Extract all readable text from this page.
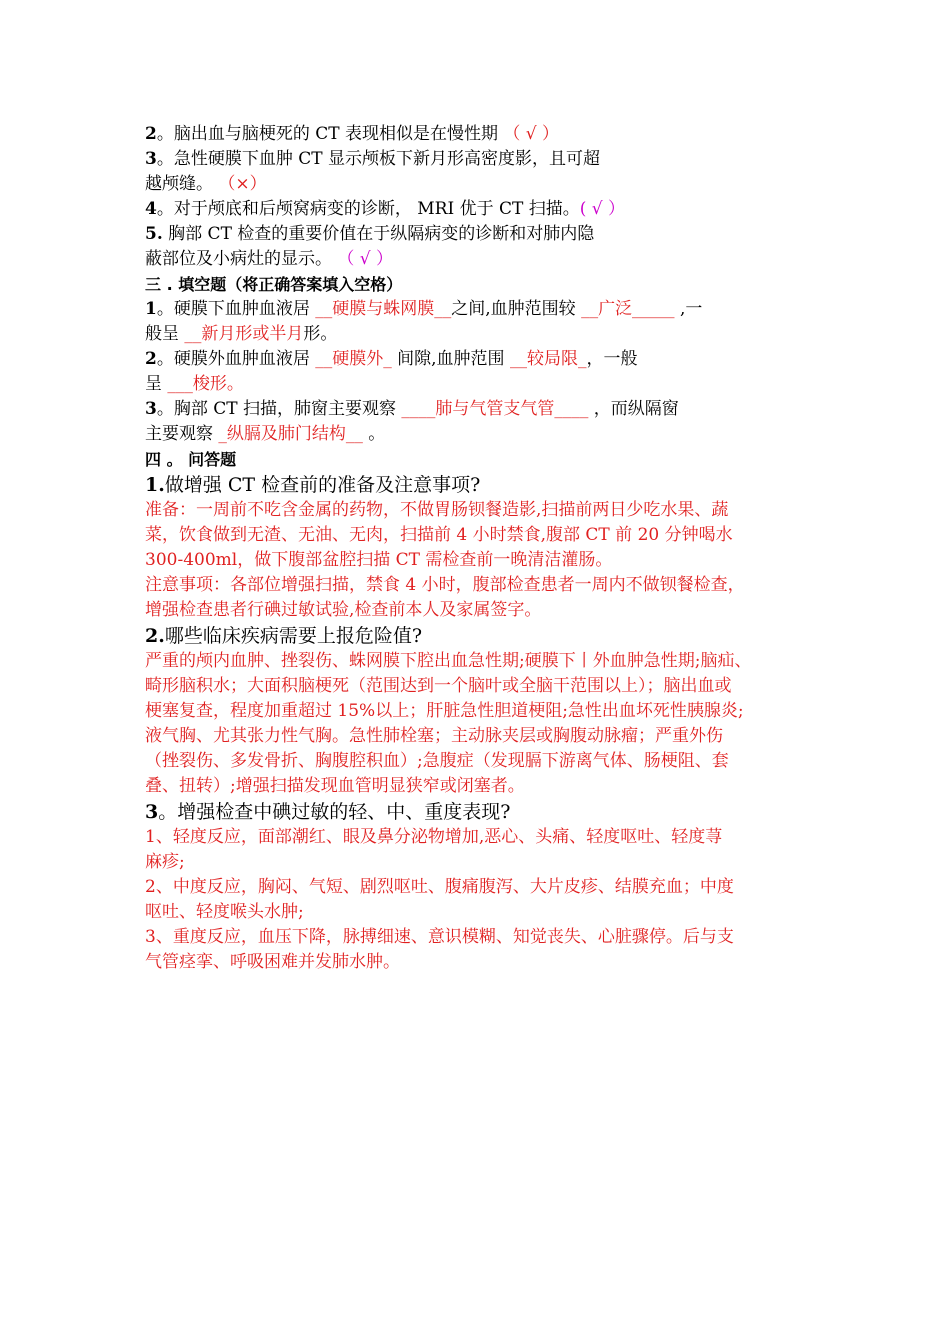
2。脑出血与脑梗死的 CT 表现相似是在慢性期 （ √ ）
3。急性硬膜下血肿 CT 显示颅板下新月形高密度影，且可超
越颅缝。 （×）
4。对于颅底和后颅窝病变的诊断， MRI 优于 CT 扫描。( √ ）
5. 胸部 CT 检查的重要价值在于纵隔病变的诊断和对肺内隐
蔽部位及小病灶的显示。 （ √ ）
三 . 填空题（将正确答案填入空格）
1。硬膜下血肿血液居 __硬膜与蛛网膜__之间,血肿范围较 __广泛_____ ,一
般呈 __新月形或半月形。
2。硬膜外血肿血液居 __硬膜外_ 间隙,血肿范围 __较局限_，一般
呈 ___梭形。
3。胸部 CT 扫描，肺窗主要观察 ____肺与气管支气管____ ，而纵隔窗
主要观察 _纵膈及肺门结构__ 。
四 。 问答题
1.做增强 CT 检查前的准备及注意事项?
准备：一周前不吃含金属的药物，不做胃肠钡餐造影,扫描前两日少吃水果、蔬
菜，饮食做到无渣、无油、无肉，扫描前 4 小时禁食,腹部 CT 前 20 分钟喝水
300-400ml，做下腹部盆腔扫描 CT 需检查前一晚清洁灌肠。
注意事项：各部位增强扫描，禁食 4 小时，腹部检查患者一周内不做钡餐检查，
增强检查患者行碘过敏试验,检查前本人及家属签字。
2.哪些临床疾病需要上报危险值?
严重的颅内血肿、挫裂伤、蛛网膜下腔出血急性期;硬膜下丨外血肿急性期;脑疝、
畸形脑积水；大面积脑梗死（范围达到一个脑叶或全脑干范围以上）；脑出血或
梗塞复查，程度加重超过 15%以上；肝脏急性胆道梗阻;急性出血坏死性胰腺炎;
液气胸、尤其张力性气胸。急性肺栓塞；主动脉夹层或胸腹动脉瘤；严重外伤
（挫裂伤、多发骨折、胸腹腔积血）;急腹症（发现膈下游离气体、肠梗阻、套
叠、扭转）;增强扫描发现血管明显狭窄或闭塞者。
3。增强检查中碘过敏的轻、中、重度表现?
1、轻度反应，面部潮红、眼及鼻分泌物增加,恶心、头痛、轻度呕吐、轻度荨
麻疹;
2、中度反应，胸闷、气短、剧烈呕吐、腹痛腹泻、大片皮疹、结膜充血；中度
呕吐、轻度喉头水肿;
3、重度反应，血压下降，脉搏细速、意识模糊、知觉丧失、心脏骤停。后与支
气管痉挛、呼吸困难并发肺水肿。
